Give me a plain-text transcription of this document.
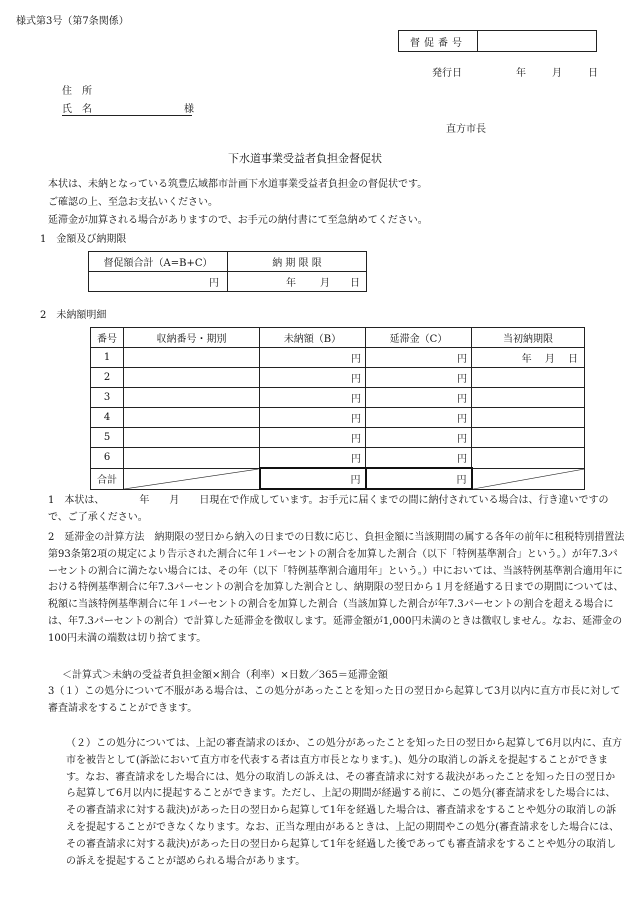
様式第3号（第7条関係）
督促番号	
発行日	年	月	日
住　所
氏　名	様
直方市長
下水道事業受益者負担金督促状
本状は、未納となっている筑豊広域都市計画下水道事業受益者負担金の督促状です。
ご確認の上、至急お支払いください。
延滞金が加算される場合がありますので、お手元の納付書にて至急納めてください。
1　金額及び納期限
督促額合計（A=B+C）	納 期 限 限
円	年 月 日
2　未納額明細
番号	収納番号・期別	未納額（B）	延滞金（C）	当初納期限
1		円	円	年　 月　 日
2		円	円	
3		円	円	
4		円	円	
5		円	円	
6		円	円	
合計		円	円	
1　本状は、　　　　年　　月　　日現在で作成しています。お手元に届くまでの間に納付されている場合は、行き違いですので、ご了承ください。
2　延滞金の計算方法　 納期限の翌日から納入の日までの日数に応じ、負担金額に当該期間の属する各年の前年に租税特別措置法第93条第2項の規定により告示された割合に年１パーセントの割合を加算した割合（以下「特例基準割合」という。）が年7.3パーセントの割合に満たない場合には、その年（以下「特例基準割合適用年」という。）中においては、当該特例基準割合適用年における特例基準割合に年7.3パーセントの割合を加算した割合とし、納期限の翌日から１月を経過する日までの期間については、税額に当該特例基準割合に年１パーセントの割合を加算した割合（当該加算した割合が年7.3パーセントの割合を超える場合には、年7.3パーセントの割合）で計算した延滞金を徴収します。延滞金額が1,000円未満のときは徴収しません。なお、延滞金の100円未満の端数は切り捨てます。
＜計算式＞未納の受益者負担金額×割合（利率）×日数／365＝延滞金額
3（１）この処分について不服がある場合は、この処分があったことを知った日の翌日から起算して3月以内に直方市長に対して審査請求をすることができます。
（２）この処分については、上記の審査請求のほか、この処分があったことを知った日の翌日から起算して6月以内に、直方市を被告として(訴訟において直方市を代表する者は直方市長となります。)、処分の取消しの訴えを提起することができます。なお、審査請求をした場合には、処分の取消しの訴えは、その審査請求に対する裁決があったことを知った日の翌日から起算して6月以内に提起することができます。ただし、上記の期間が経過する前に、この処分(審査請求をした場合には、その審査請求に対する裁決)があった日の翌日から起算して1年を経過した場合は、審査請求をすることや処分の取消しの訴えを提起することができなくなります。なお、正当な理由があるときは、上記の期間やこの処分(審査請求をした場合には、その審査請求に対する裁決)があった日の翌日から起算して1年を経過した後であっても審査請求をすることや処分の取消しの訴えを提起することが認められる場合があります。
